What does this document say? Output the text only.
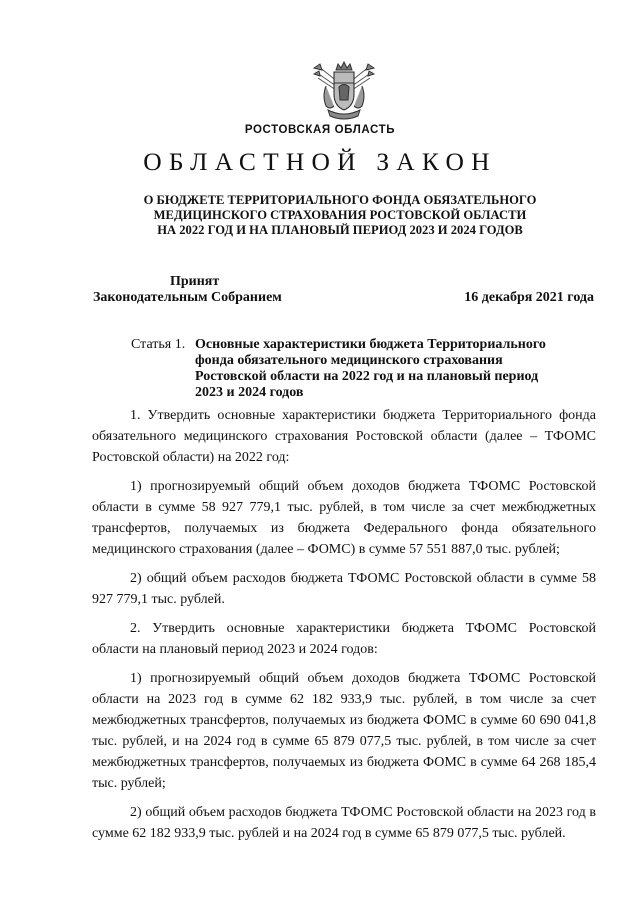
РОСТОВСКАЯ ОБЛАСТЬ
ОБЛАСТНОЙ ЗАКОН
О БЮДЖЕТЕ ТЕРРИТОРИАЛЬНОГО ФОНДА ОБЯЗАТЕЛЬНОГО
МЕДИЦИНСКОГО СТРАХОВАНИЯ РОСТОВСКОЙ ОБЛАСТИ
НА 2022 ГОД И НА ПЛАНОВЫЙ ПЕРИОД 2023 И 2024 ГОДОВ
Принят
Законодательным Собранием	16 декабря 2021 года
Статья 1. Основные характеристики бюджета Территориального
фонда обязательного медицинского страхования
Ростовской области на 2022 год и на плановый период
2023 и 2024 годов

1. Утвердить основные характеристики бюджета Территориального фонда обязательного медицинского страхования Ростовской области (далее – ТФОМС Ростовской области) на 2022 год:

1) прогнозируемый общий объем доходов бюджета ТФОМС Ростовской области в сумме 58 927 779,1 тыс. рублей, в том числе за счет межбюджетных трансфертов, получаемых из бюджета Федерального фонда обязательного медицинского страхования (далее – ФОМС) в сумме 57 551 887,0 тыс. рублей;

2) общий объем расходов бюджета ТФОМС Ростовской области в сумме 58 927 779,1 тыс. рублей.

2. Утвердить основные характеристики бюджета ТФОМС Ростовской области на плановый период 2023 и 2024 годов:

1) прогнозируемый общий объем доходов бюджета ТФОМС Ростовской области на 2023 год в сумме 62 182 933,9 тыс. рублей, в том числе за счет межбюджетных трансфертов, получаемых из бюджета ФОМС в сумме 60 690 041,8 тыс. рублей, и на 2024 год в сумме 65 879 077,5 тыс. рублей, в том числе за счет межбюджетных трансфертов, получаемых из бюджета ФОМС в сумме 64 268 185,4 тыс. рублей;

2) общий объем расходов бюджета ТФОМС Ростовской области на 2023 год в сумме 62 182 933,9 тыс. рублей и на 2024 год в сумме 65 879 077,5 тыс. рублей.
